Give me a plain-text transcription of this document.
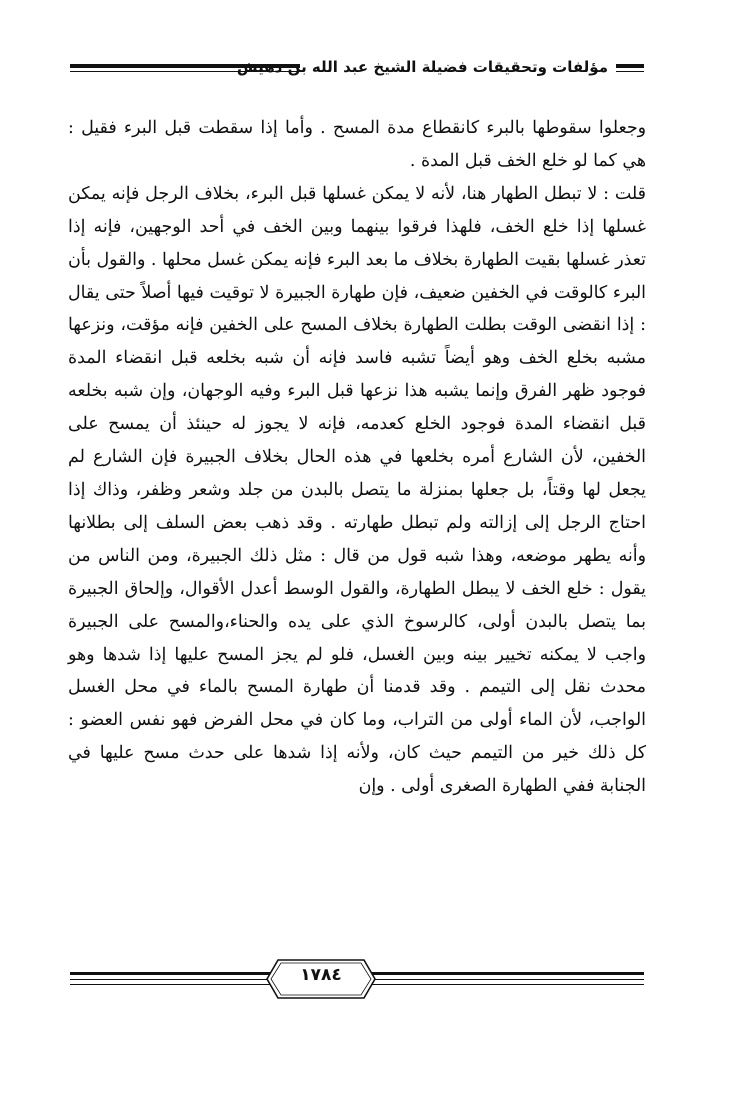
مؤلفات وتحقيقات فضيلة الشيخ عبد الله بن دهيش

وجعلوا سقوطها بالبرء كانقطاع مدة المسح . وأما إذا سقطت قبل البرء فقيل : هي كما لو خلع الخف قبل المدة .

قلت : لا تبطل الطهار هنا، لأنه لا يمكن غسلها قبل البرء، بخلاف الرجل فإنه يمكن غسلها إذا خلع الخف، فلهذا فرقوا بينهما وبين الخف في أحد الوجهين، فإنه إذا تعذر غسلها بقيت الطهارة بخلاف ما بعد البرء فإنه يمكن غسل محلها . والقول بأن البرء كالوقت في الخفين ضعيف، فإن طهارة الجبيرة لا توقيت فيها أصلاً حتى يقال : إذا انقضى الوقت بطلت الطهارة بخلاف المسح على الخفين فإنه مؤقت، ونزعها مشبه بخلع الخف وهو أيضاً تشبه فاسد فإنه أن شبه بخلعه قبل انقضاء المدة فوجود ظهر الفرق وإنما يشبه هذا نزعها قبل البرء وفيه الوجهان، وإن شبه بخلعه قبل انقضاء المدة فوجود الخلع كعدمه، فإنه لا يجوز له حينئذ أن يمسح على الخفين، لأن الشارع أمره بخلعها في هذه الحال بخلاف الجبيرة فإن الشارع لم يجعل لها وقتاً، بل جعلها بمنزلة ما يتصل بالبدن من جلد وشعر وظفر، وذاك إذا احتاج الرجل إلى إزالته ولم تبطل طهارته . وقد ذهب بعض السلف إلى بطلانها وأنه يطهر موضعه، وهذا شبه قول من قال : مثل ذلك الجبيرة، ومن الناس من يقول : خلع الخف لا يبطل الطهارة، والقول الوسط أعدل الأقوال، وإلحاق الجبيرة بما يتصل بالبدن أولى، كالرسوخ الذي على يده والحناء،والمسح على الجبيرة واجب لا يمكنه تخيير بينه وبين الغسل، فلو لم يجز المسح عليها إذا شدها وهو محدث نقل إلى التيمم . وقد قدمنا أن طهارة المسح بالماء في محل الغسل الواجب، لأن الماء أولى من التراب، وما كان في محل الفرض فهو نفس العضو : كل ذلك خير من التيمم حيث كان، ولأنه إذا شدها على حدث مسح عليها في الجنابة ففي الطهارة الصغرى أولى . وإن

١٧٨٤
